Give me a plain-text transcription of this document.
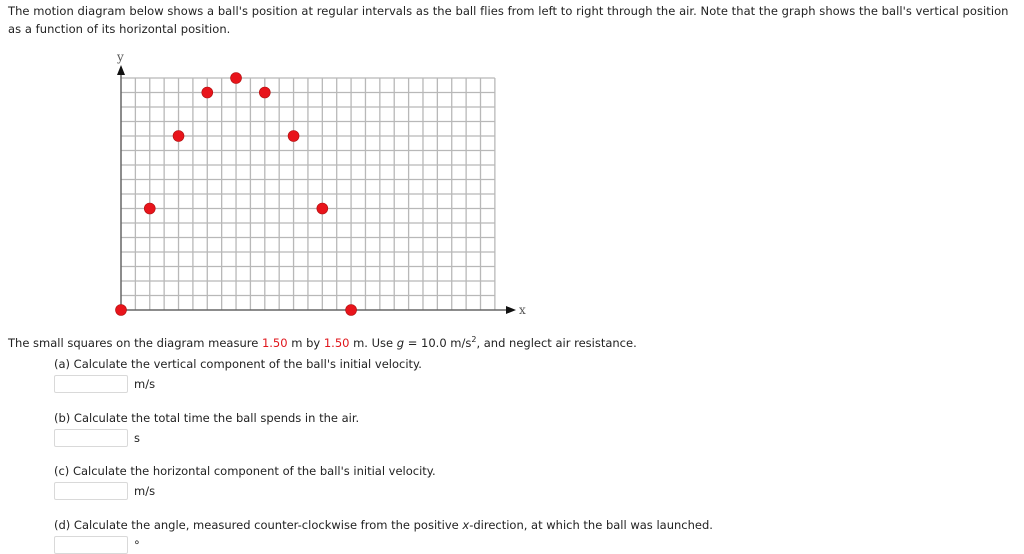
The motion diagram below shows a ball's position at regular intervals as the ball flies from left to right through the air. Note that the graph shows the ball's vertical position as a function of its horizontal position.
y
x
The small squares on the diagram measure 1.50 m by 1.50 m. Use g = 10.0 $m/s^2$, and neglect air resistance.
(a) Calculate the vertical component of the ball's initial velocity.
m/s
(b) Calculate the total time the ball spends in the air.
s
(c) Calculate the horizontal component of the ball's initial velocity.
m/s
(d) Calculate the angle, measured counter-clockwise from the positive x-direction, at which the ball was launched.
°
